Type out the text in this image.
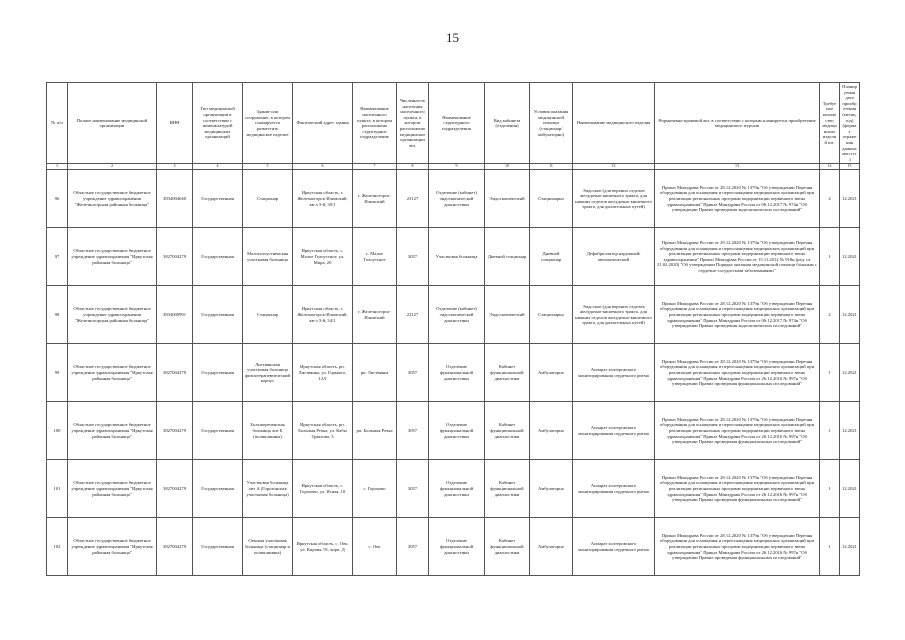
15
№ п/п	Полное наименование медицинской организации	ИНН	Тип медицинской организации в соответствии с номенклатурой медицинских организаций	Здание или сооружение, в котором планируется разместить медицинское изделие	Фактический адрес здания	Наименование населенного пункта, в котором расположено структурное подразделение	Численность населения населенного пункта, в котором расположено медицинское организации чел.	Наименование структурного подразделения	Вид кабинета (отделения)	Условия оказания медицинской помощи (стационар/амбулаторно)	Наименование медицинского изделия	Нормативно-правовой акт, в соответствии с которым планируется приобретение медицинского изделия	Требуемое количество медицинских изделий шт.	Планируемая дата приобретения (месяц, год) (формат отражения данных мм.гггг.)
1	2	3	4	5	6	7	8	9	10	11	12	13	14	15
96	Областное государственное бюджетное учреждение здравоохранения "Железногорская районная больница"	3834004040	Государственная	Стационар	Иркутская область, г. Железногорск-Илимский, кв-л 3-й, 30/1	г. Железногорск-Илимский	23127	Отделение (кабинет) эндоскопической диагностики	Эндоскопический	Стационарно	Эндоскоп (для верхних отделов желудочно-кишечного тракта, для нижних отделов желудочно-кишечного тракта, для дыхательных путей)	Приказ Минздрава России от 28.12.2020 № 1379н "Об утверждении Перечня оборудования для оснащения и переоснащения медицинских организаций при реализации региональных программ модернизации первичного звена здравоохранения" Приказ Минздрава России от 06.12.2017 № 974н "Об утверждении Правил проведения эндоскопических исследований"	4	12.2021
97	Областное государственное бюджетное учреждение здравоохранения "Иркутская районная больница"	3827004279	Государственная	Малоголоустненская участковая больница	Иркутская область, с. Малое Голоустное, ул. Мира, 20	с. Малое Голоустное	3057	Участковая больница	Дневной стационар	Дневной стационар	Дефибриллятор наружный/автоматический	Приказ Минздрава России от 29.12.2020 № 1379н "Об утверждении Перечня оборудования для оснащения и переоснащения медицинских организаций при реализации региональных программ модернизации первичного звена здравоохранения" Приказ Минздрава России от 15.11.2012 № 918н (ред. от 21.02.2020) "Об утверждении Порядка оказания медицинской помощи больным с сердечно-сосудистыми заболеваниями"	1	12.2021
98	Областное государственное бюджетное учреждение здравоохранения "Железногорская районная больница"	3834000991	Государственная	Стационар	Иркутская область, г. Железногорск-Илимский, кв-л 3-й, 34/1	г. Железногорск-Илимский	23127	Отделение (кабинет) эндоскопической диагностики	Эндоскопический	Стационарно	Эндоскоп (для верхних отделов желудочно-кишечного тракта, для нижних отделов желудочно-кишечного тракта, для дыхательных путей)	Приказ Минздрава России от 28.12.2020 № 1379н "Об утверждении Перечня оборудования для оснащения и переоснащения медицинских организаций при реализации региональных программ модернизации первичного звена здравоохранения" Приказ Минздрава России от 06.12.2017 № 974н "Об утверждении Правил проведения эндоскопических исследований"	2	12.2021
99	Областное государственное бюджетное учреждение здравоохранения "Иркутская районная больница"	3827004279	Государственная	Листвянская участковая больница физиотерапевтический корпус	Иркутская область, рп. Листвянка, ул. Горького, 12А	рп. Листвянка	3057	Отделение функциональной диагностики	Кабинет функциональной диагностики	Амбулаторно	Аппарат холтеровского мониторирования сердечного ритма	Приказ Минздрава России от 28.12.2020 № 1379н "Об утверждении Перечня оборудования для оснащения и переоснащения медицинских организаций при реализации региональных программ модернизации первичного звена здравоохранения" Приказ Минздрава России от 26.12.2016 № 997н "Об утверждении Правил проведения функциональных исследований"	1	12.2021
100	Областное государственное бюджетное учреждение здравоохранения "Иркутская районная больница"	3827004279	Государственная	Большереченская больница лит Б (поликлиника)	Иркутская область, рп. Большая Речка, ул. Кабы Трактова, 3	рп. Большая Речка	3057	Отделение функциональной диагностики	Кабинет функциональной диагностики	Амбулаторно	Аппарат холтеровского мониторирования сердечного ритма	Приказ Минздрава России от 28.12.2020 № 1379н "Об утверждении Перечня оборудования для оснащения и переоснащения медицинских организаций при реализации региональных программ модернизации первичного звена здравоохранения" Приказ Минздрава России от 26.12.2016 № 997н "Об утверждении Правил проведения функциональных исследований"	1	12.2021
101	Областное государственное бюджетное учреждение здравоохранения "Иркутская районная больница"	3827004279	Государственная	Участковая больница лит А (Горохонская участковая больница)	Иркутская область, с. Горохово, ул. Ясная, 10	с. Горохово	3057	Отделение функциональной диагностики	Кабинет функциональной диагностики	Амбулаторно	Аппарат холтеровского мониторирования сердечного ритма	Приказ Минздрава России от 28.12.2020 № 1379н "Об утверждении Перечня оборудования для оснащения и переоснащения медицинских организаций при реализации региональных программ модернизации первичного звена здравоохранения" Приказ Минздрава России от 26.12.2016 № 997н "Об утверждении Правил проведения функциональных исследований"	1	12.2021
102	Областное государственное бюджетное учреждение здравоохранения "Иркутская районная больница"	3827004279	Государственная	Оекская участковая больница (стационар и поликлиника)	Иркутская область, с. Оек, ул. Кирова, 91, корп. Д	с. Оек	3057	Отделение функциональной диагностики	Кабинет функциональной диагностики	Амбулаторно	Аппарат холтеровского мониторирования сердечного ритма	Приказ Минздрава России от 28.12.2020 № 1379н "Об утверждении Перечня оборудования для оснащения и переоснащения медицинских организаций при реализации региональных программ модернизации первичного звена здравоохранения" Приказ Минздрава России от 26.12.2016 № 997н "Об утверждении Правил проведения функциональных исследований"	1	12.2021
